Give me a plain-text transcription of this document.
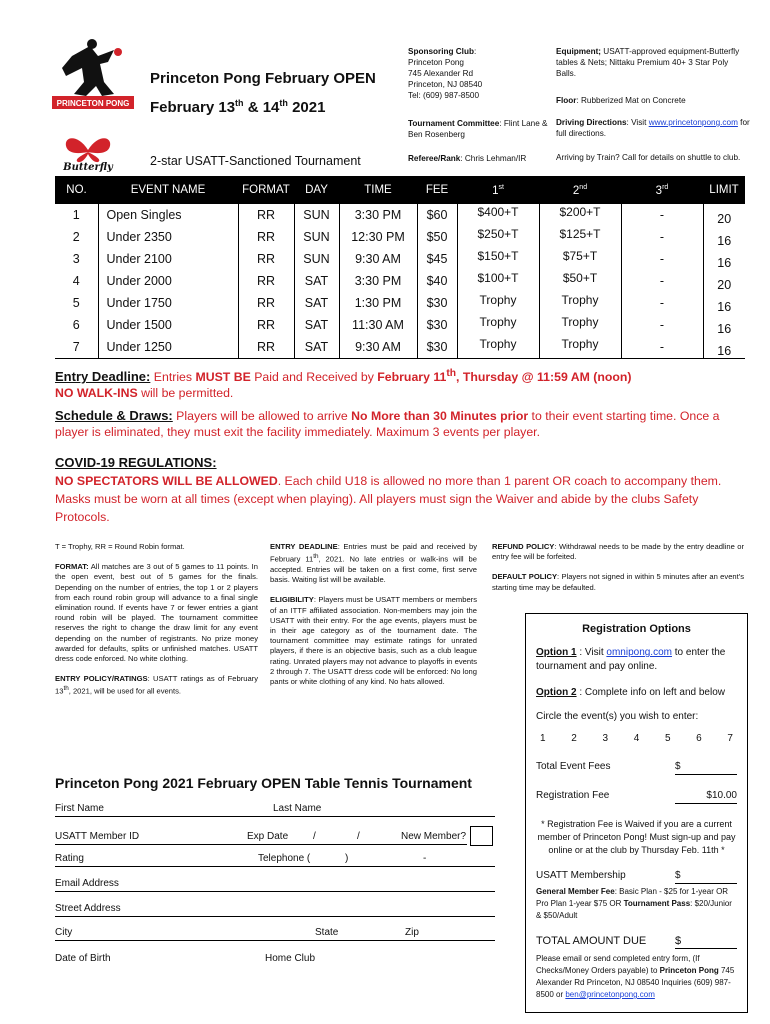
PRINCETON PONG
Butterfly
Princeton Pong February OPEN
February 13th & 14th 2021
2-star USATT-Sanctioned Tournament
Sponsoring Club:
Princeton Pong
745 Alexander Rd
Princeton, NJ 08540
Tel: (609) 987-8500
Tournament Committee: Flint Lane & Ben Rosenberg
Referee/Rank: Chris Lehman/IR
Equipment; USATT-approved equipment-Butterfly tables & Nets; Nittaku Premium 40+ 3 Star Poly Balls.
Floor: Rubberized Mat on Concrete
Driving Directions: Visit www.princetonpong.com for full directions.
Arriving by Train? Call for details on shuttle to club.
NO.	EVENT NAME	FORMAT	DAY	TIME	FEE	1st	2nd	3rd	LIMIT
1	Open Singles	RR	SUN	3:30 PM	$60	$400+T	$200+T	-	20
2	Under 2350	RR	SUN	12:30 PM	$50	$250+T	$125+T	-	16
3	Under 2100	RR	SUN	9:30 AM	$45	$150+T	$75+T	-	16
4	Under 2000	RR	SAT	3:30 PM	$40	$100+T	$50+T	-	20
5	Under 1750	RR	SAT	1:30 PM	$30	Trophy	Trophy	-	16
6	Under 1500	RR	SAT	11:30 AM	$30	Trophy	Trophy	-	16
7	Under 1250	RR	SAT	9:30 AM	$30	Trophy	Trophy	-	16
Entry Deadline: Entries MUST BE Paid and Received by February 11th, Thursday @ 11:59 AM (noon)
NO WALK-INS will be permitted.
Schedule & Draws: Players will be allowed to arrive No More than 30 Minutes prior to their event starting time. Once a player is eliminated, they must exit the facility immediately. Maximum 3 events per player.
COVID-19 REGULATIONS:
NO SPECTATORS WILL BE ALLOWED. Each child U18 is allowed no more than 1 parent OR coach to accompany them. Masks must be worn at all times (except when playing). All players must sign the Waiver and abide by the clubs Safety Protocols.

T = Trophy, RR = Round Robin format.

FORMAT: All matches are 3 out of 5 games to 11 points. In the open event, best out of 5 games for the finals. Depending on the number of entries, the top 1 or 2 players from each round robin group will advance to a final single elimination round. If events have 7 or fewer entries a giant round robin will be played. The tournament committee reserves the right to change the draw limit for any event depending on the number of registrants. No prize money awarded for defaults, splits or unfinished matches. USATT dress code enforced. No white clothing.

ENTRY POLICY/RATINGS: USATT ratings as of February 13th, 2021, will be used for all events.

ENTRY DEADLINE: Entries must be paid and received by February 11th, 2021. No late entries or walk-ins will be accepted. Entries will be taken on a first come, first serve basis. Waiting list will be available.

ELIGIBILITY: Players must be USATT members or members of an ITTF affiliated association. Non-members may join the USATT with their entry. For the age events, players must be in their age category as of the tournament date. The tournament committee may estimate ratings for unrated players, if there is an objective basis, such as a club league rating. Unrated players may not advance to playoffs in events 2 through 7. The USATT dress code will be enforced: No long pants or white clothing of any kind. No hats allowed.

REFUND POLICY: Withdrawal needs to be made by the entry deadline or entry fee will be forfeited.

DEFAULT POLICY: Players not signed in within 5 minutes after an event's starting time may be defaulted.

Registration Options
Option 1 : Visit omnipong.com to enter the tournament and pay online.
Option 2 : Complete info on left and below
Circle the event(s) you wish to enter:
1	2	3	4	5	6	7
Total Event Fees	$
Registration Fee	$10.00
* Registration Fee is Waived if you are a current member of Princeton Pong! Must sign-up and pay online or at the club by Thursday Feb. 11th *
USATT Membership	$
General Member Fee: Basic Plan - $25 for 1-year OR
Pro Plan 1-year $75 OR Tournament Pass: $20/Junior & $50/Adult
TOTAL AMOUNT DUE	$
Please email or send completed entry form, (If Checks/Money Orders payable) to Princeton Pong 745 Alexander Rd Princeton, NJ 08540 Inquiries (609) 987-8500 or ben@princetonpong.com
Princeton Pong 2021 February OPEN Table Tennis Tournament
First Name	Last Name
USATT Member ID	Exp Date /	/	New Member?
Rating	Telephone (	)	-
Email Address
Street Address
City	State	Zip
Date of Birth	Home Club
